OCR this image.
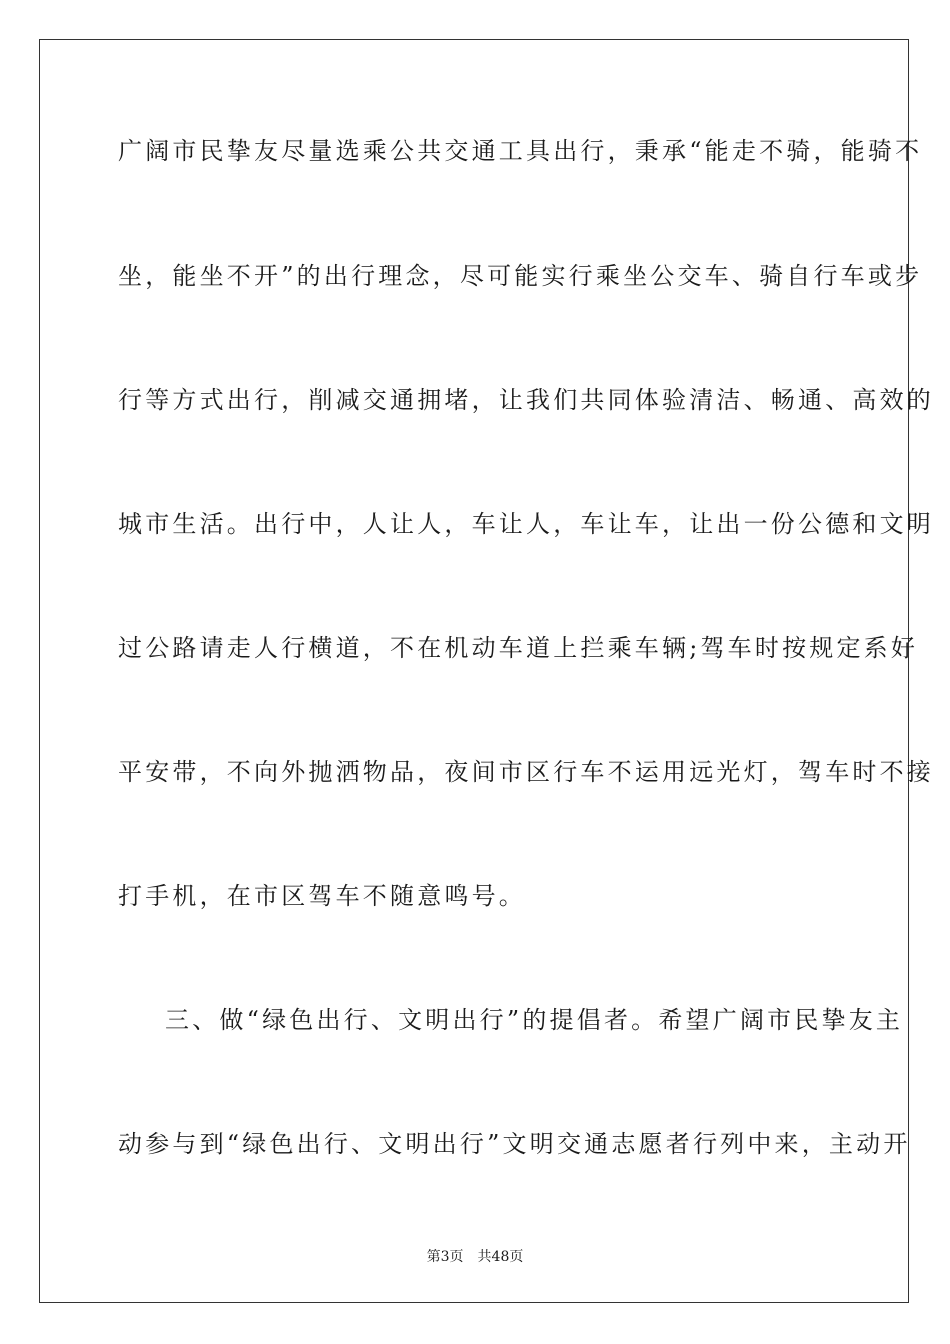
广阔市民挚友尽量选乘公共交通工具出行，秉承“能走不骑，能骑不
坐，能坐不开”的出行理念，尽可能实行乘坐公交车、骑自行车或步
行等方式出行，削减交通拥堵，让我们共同体验清洁、畅通、高效的
城市生活。出行中，人让人，车让人，车让车，让出一份公德和文明
过公路请走人行横道，不在机动车道上拦乘车辆;驾车时按规定系好
平安带，不向外抛洒物品，夜间市区行车不运用远光灯，驾车时不接
打手机，在市区驾车不随意鸣号。
三、做“绿色出行、文明出行”的提倡者。希望广阔市民挚友主
动参与到“绿色出行、文明出行”文明交通志愿者行列中来，主动开
第3页 共48页
